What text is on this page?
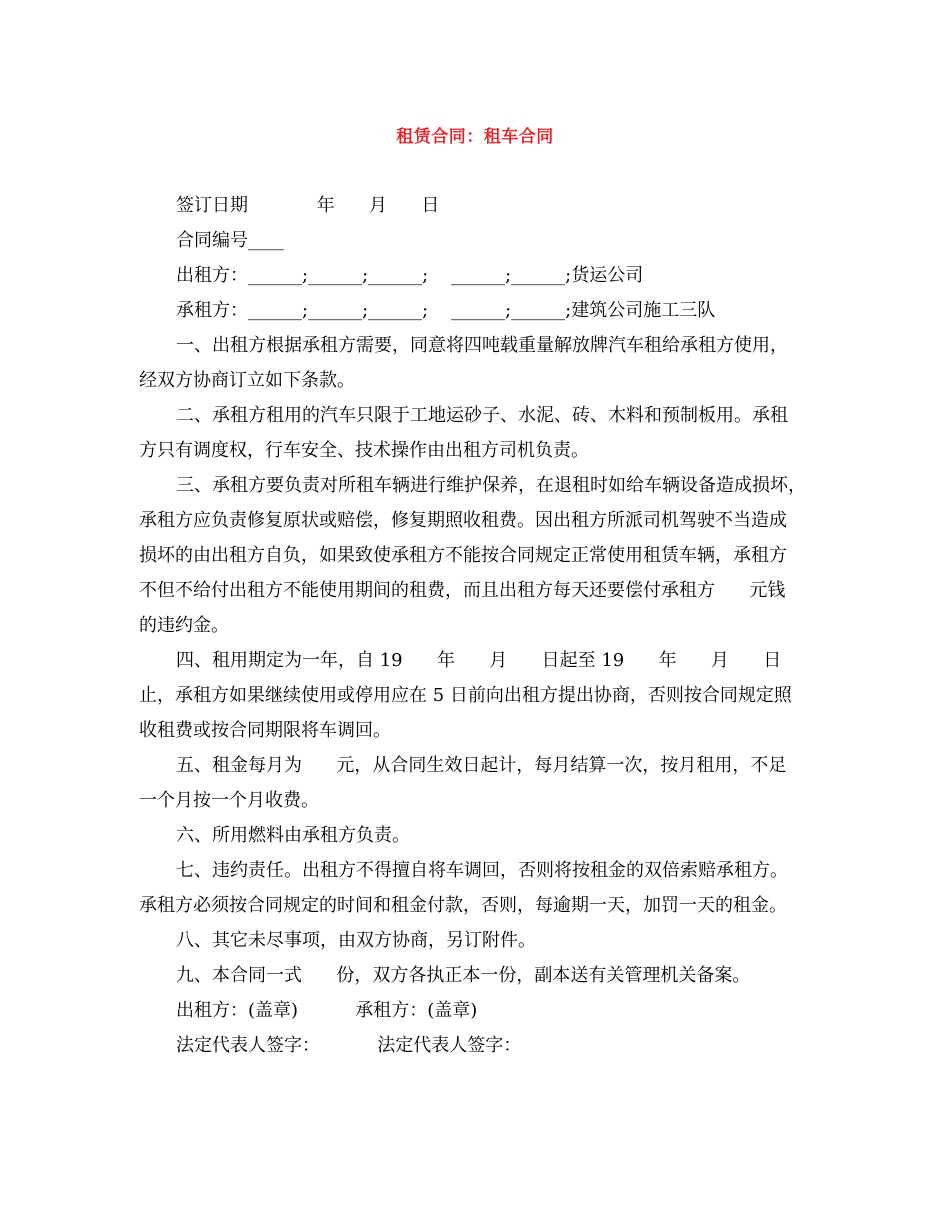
租赁合同：租车合同
签订日期            年      月      日
合同编号____
出租方：______;______;______;    ______;______;货运公司
承租方：______;______;______;    ______;______;建筑公司施工三队
一、出租方根据承租方需要，同意将四吨载重量解放牌汽车租给承租方使用，
经双方协商订立如下条款。
二、承租方租用的汽车只限于工地运砂子、水泥、砖、木料和预制板用。承租
方只有调度权，行车安全、技术操作由出租方司机负责。
三、承租方要负责对所租车辆进行维护保养，在退租时如给车辆设备造成损坏，
承租方应负责修复原状或赔偿，修复期照收租费。因出租方所派司机驾驶不当造成
损坏的由出租方自负，如果致使承租方不能按合同规定正常使用租赁车辆，承租方
不但不给付出租方不能使用期间的租费，而且出租方每天还要偿付承租方      元钱
的违约金。
四、租用期定为一年，自 19      年      月      日起至 19      年      月      日
止，承租方如果继续使用或停用应在 5 日前向出租方提出协商，否则按合同规定照
收租费或按合同期限将车调回。
五、租金每月为      元，从合同生效日起计，每月结算一次，按月租用，不足
一个月按一个月收费。
六、所用燃料由承租方负责。
七、违约责任。出租方不得擅自将车调回，否则将按租金的双倍索赔承租方。
承租方必须按合同规定的时间和租金付款，否则，每逾期一天，加罚一天的租金。
八、其它未尽事项，由双方协商，另订附件。
九、本合同一式      份，双方各执正本一份，副本送有关管理机关备案。
出租方：(盖章)          承租方：(盖章)
法定代表人签字：          法定代表人签字：
